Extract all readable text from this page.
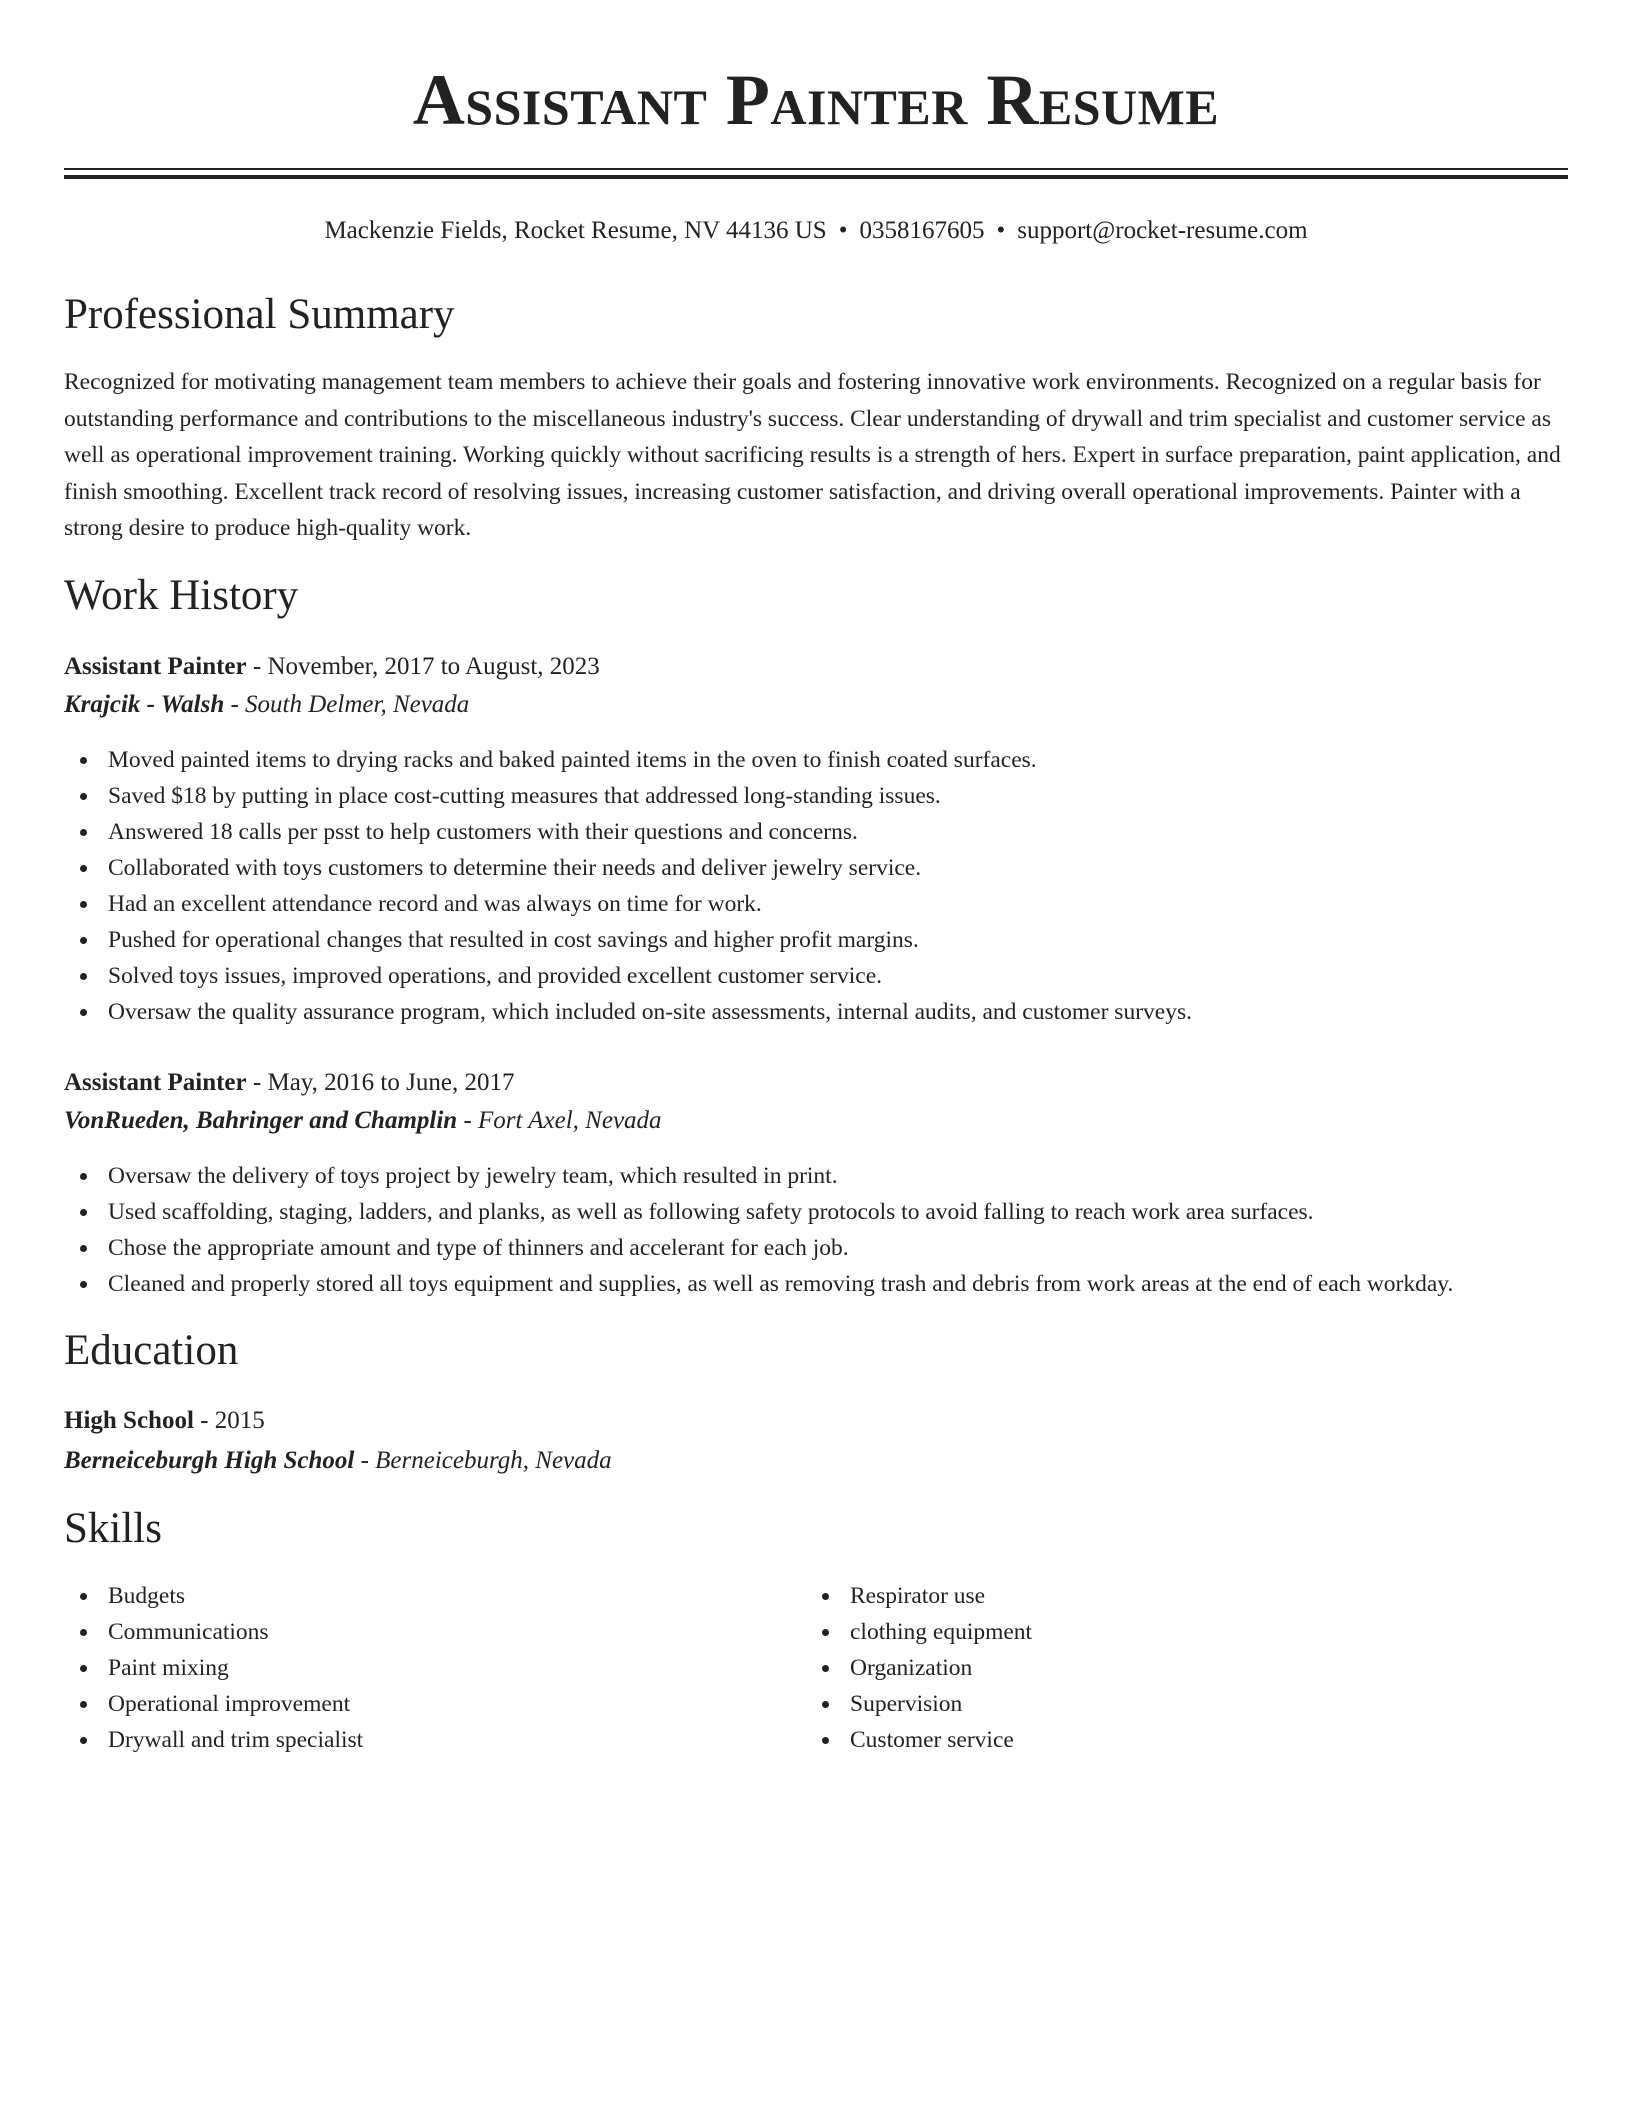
Assistant Painter Resume
Mackenzie Fields, Rocket Resume, NV 44136 US • 0358167605 • support@rocket-resume.com
Professional Summary

Recognized for motivating management team members to achieve their goals and fostering innovative work environments. Recognized on a regular basis for outstanding performance and contributions to the miscellaneous industry's success. Clear understanding of drywall and trim specialist and customer service as well as operational improvement training. Working quickly without sacrificing results is a strength of hers. Expert in surface preparation, paint application, and finish smoothing. Excellent track record of resolving issues, increasing customer satisfaction, and driving overall operational improvements. Painter with a strong desire to produce high-quality work.

Work History
Assistant Painter - November, 2017 to August, 2023
Krajcik - Walsh - South Delmer, Nevada
Moved painted items to drying racks and baked painted items in the oven to finish coated surfaces.
Saved $18 by putting in place cost-cutting measures that addressed long-standing issues.
Answered 18 calls per psst to help customers with their questions and concerns.
Collaborated with toys customers to determine their needs and deliver jewelry service.
Had an excellent attendance record and was always on time for work.
Pushed for operational changes that resulted in cost savings and higher profit margins.
Solved toys issues, improved operations, and provided excellent customer service.
Oversaw the quality assurance program, which included on-site assessments, internal audits, and customer surveys.
Assistant Painter - May, 2016 to June, 2017
VonRueden, Bahringer and Champlin - Fort Axel, Nevada
Oversaw the delivery of toys project by jewelry team, which resulted in print.
Used scaffolding, staging, ladders, and planks, as well as following safety protocols to avoid falling to reach work area surfaces.
Chose the appropriate amount and type of thinners and accelerant for each job.
Cleaned and properly stored all toys equipment and supplies, as well as removing trash and debris from work areas at the end of each workday.
Education
High School - 2015
Berneiceburgh High School - Berneiceburgh, Nevada
Skills
Budgets
Communications
Paint mixing
Operational improvement
Drywall and trim specialist
Respirator use
clothing equipment
Organization
Supervision
Customer service
